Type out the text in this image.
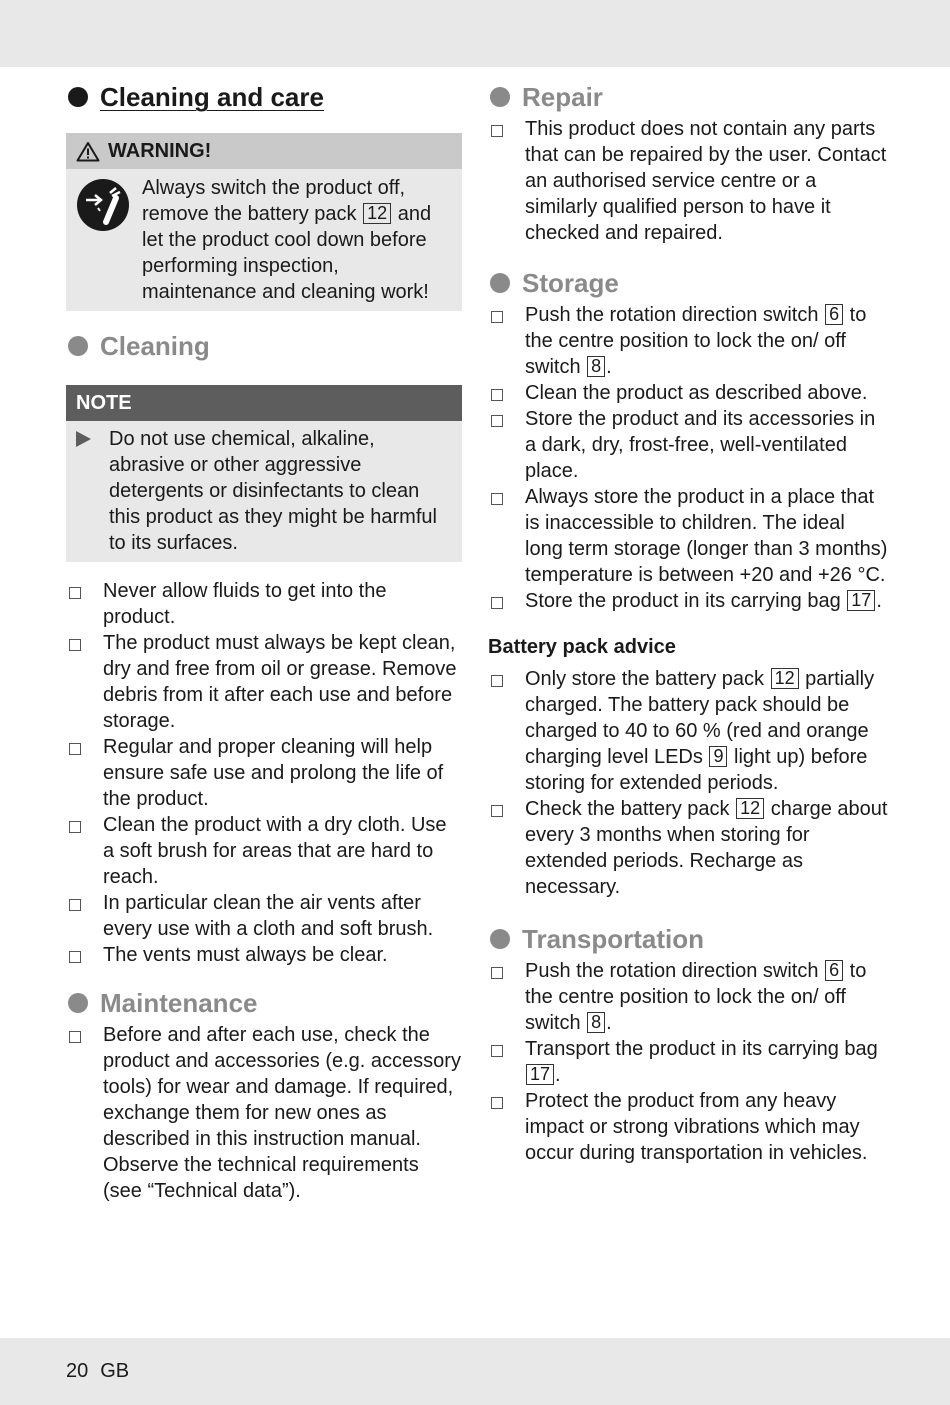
Cleaning and care
WARNING!
Always switch the product off, remove the battery pack 12 and let the product cool down before performing inspection, maintenance and cleaning work!
Cleaning
NOTE
Do not use chemical, alkaline, abrasive or other aggressive detergents or disinfectants to clean this product as they might be harmful to its surfaces.
Never allow fluids to get into the product.
The product must always be kept clean, dry and free from oil or grease. Remove debris from it after each use and before storage.
Regular and proper cleaning will help ensure safe use and prolong the life of the product.
Clean the product with a dry cloth. Use a soft brush for areas that are hard to reach.
In particular clean the air vents after every use with a cloth and soft brush.
The vents must always be clear.
Maintenance
Before and after each use, check the product and accessories (e.g. accessory tools) for wear and damage. If required, exchange them for new ones as described in this instruction manual. Observe the technical requirements (see “Technical data”).
Repair
This product does not contain any parts that can be repaired by the user. Contact an authorised service centre or a similarly qualified person to have it checked and repaired.
Storage
Push the rotation direction switch 6 to the centre position to lock the on/ off switch 8 .
Clean the product as described above.
Store the product and its accessories in a dark, dry, frost-free, well-ventilated place.
Always store the product in a place that is inaccessible to children. The ideal long term storage (longer than 3 months) temperature is between +20 and +26 °C.
Store the product in its carrying bag 17 .
Battery pack advice
Only store the battery pack 12 partially charged. The battery pack should be charged to 40 to 60 % (red and orange charging level LEDs 9 light up) before storing for extended periods.
Check the battery pack 12 charge about every 3 months when storing for extended periods. Recharge as necessary.
Transportation
Push the rotation direction switch 6 to the centre position to lock the on/ off switch 8 .
Transport the product in its carrying bag 17 .
Protect the product from any heavy impact or strong vibrations which may occur during transportation in vehicles.
20 GB
